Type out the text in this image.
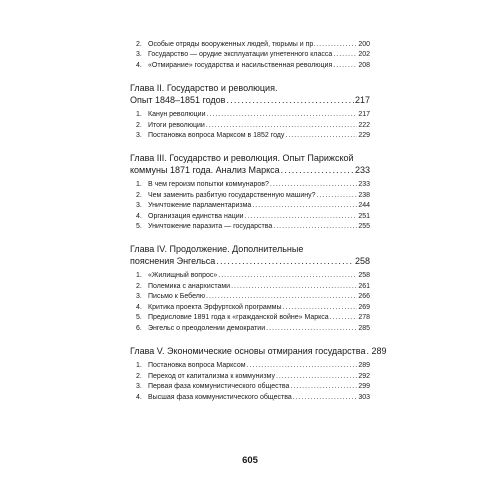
2. Особые отряды вооруженных людей, тюрьмы и пр. .....	200
3. Государство — орудие эксплуатации угнетенного класса .....	202
4. «Отмирание» государства и насильственная революция .....	208
Глава II. Государство и революция.
Опыт 1848–1851 годов .....	217
1. Канун революции .....	217
2. Итоги революции .....	222
3. Постановка вопроса Марксом в 1852 году .....	229
Глава III. Государство и революция. Опыт Парижской
коммуны 1871 года. Анализ Маркса .....	233
1. В чем героизм попытки коммунаров? .....	233
2. Чем заменить разбитую государственную машину? .....	238
3. Уничтожение парламентаризма .....	244
4. Организация единства нации .....	251
5. Уничтожение паразита — государства .....	255
Глава IV. Продолжение. Дополнительные
пояснения Энгельса .....	258
1. «Жилищный вопрос» .....	258
2. Полемика с анархистами .....	261
3. Письмо к Бебелю .....	266
4. Критика проекта Эрфуртской программы .....	269
5. Предисловие 1891 года к «гражданской войне» Маркса .....	278
6. Энгельс о преодолении демократии .....	285
Глава V. Экономические основы отмирания государства ..... 289
1. Постановка вопроса Марксом .....	289
2. Переход от капитализма к коммунизму .....	292
3. Первая фаза коммунистического общества .....	299
4. Высшая фаза коммунистического общества .....	303
605
